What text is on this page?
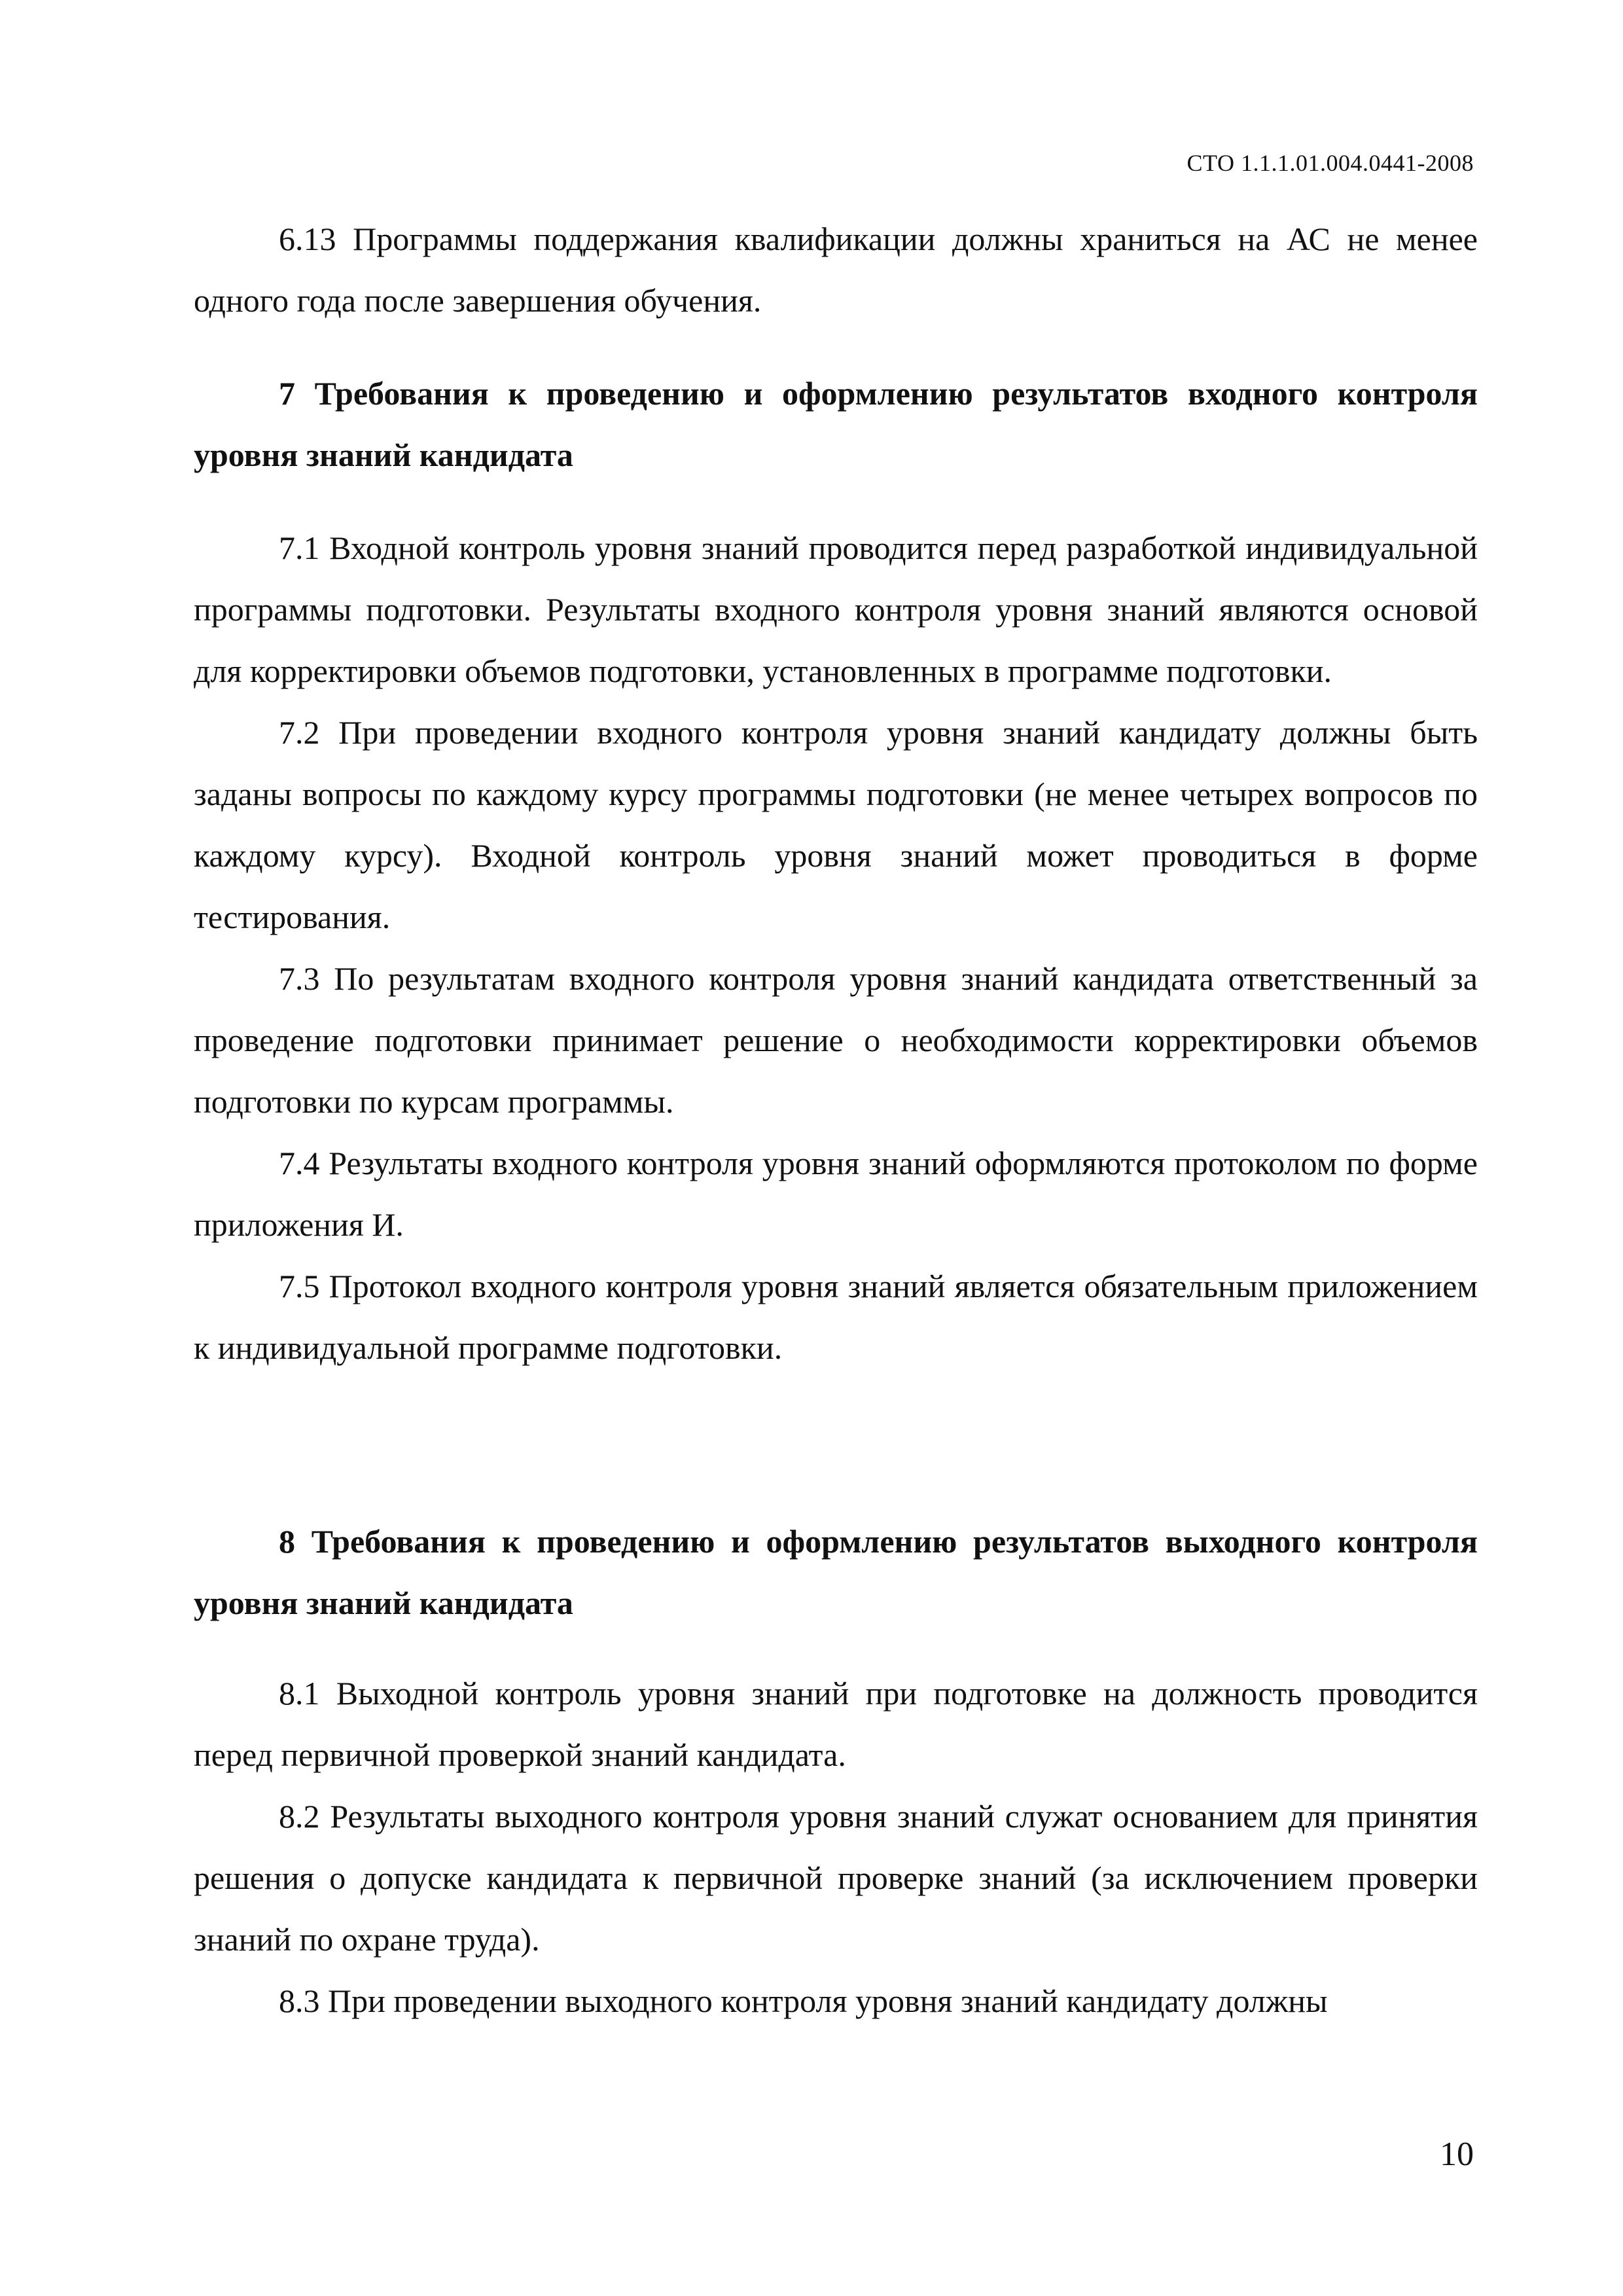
СТО 1.1.1.01.004.0441-2008

6.13 Программы поддержания квалификации должны храниться на АС не менее одного года после завершения обучения.

7 Требования к проведению и оформлению результатов входного контроля уровня знаний кандидата

7.1 Входной контроль уровня знаний проводится перед разработкой индивидуальной программы подготовки. Результаты входного контроля уровня знаний являются основой для корректировки объемов подготовки, установленных в программе подготовки.

7.2 При проведении входного контроля уровня знаний кандидату должны быть заданы вопросы по каждому курсу программы подготовки (не менее четырех вопросов по каждому курсу). Входной контроль уровня знаний может проводиться в форме тестирования.

7.3 По результатам входного контроля уровня знаний кандидата ответственный за проведение подготовки принимает решение о необходимости корректировки объемов подготовки по курсам программы.

7.4 Результаты входного контроля уровня знаний оформляются протоколом по форме приложения И.

7.5 Протокол входного контроля уровня знаний является обязательным приложением к индивидуальной программе подготовки.

8 Требования к проведению и оформлению результатов выходного контроля уровня знаний кандидата

8.1 Выходной контроль уровня знаний при подготовке на должность проводится перед первичной проверкой знаний кандидата.

8.2 Результаты выходного контроля уровня знаний служат основанием для принятия решения о допуске кандидата к первичной проверке знаний (за исключением проверки знаний по охране труда).

8.3 При проведении выходного контроля уровня знаний кандидату должны

10
